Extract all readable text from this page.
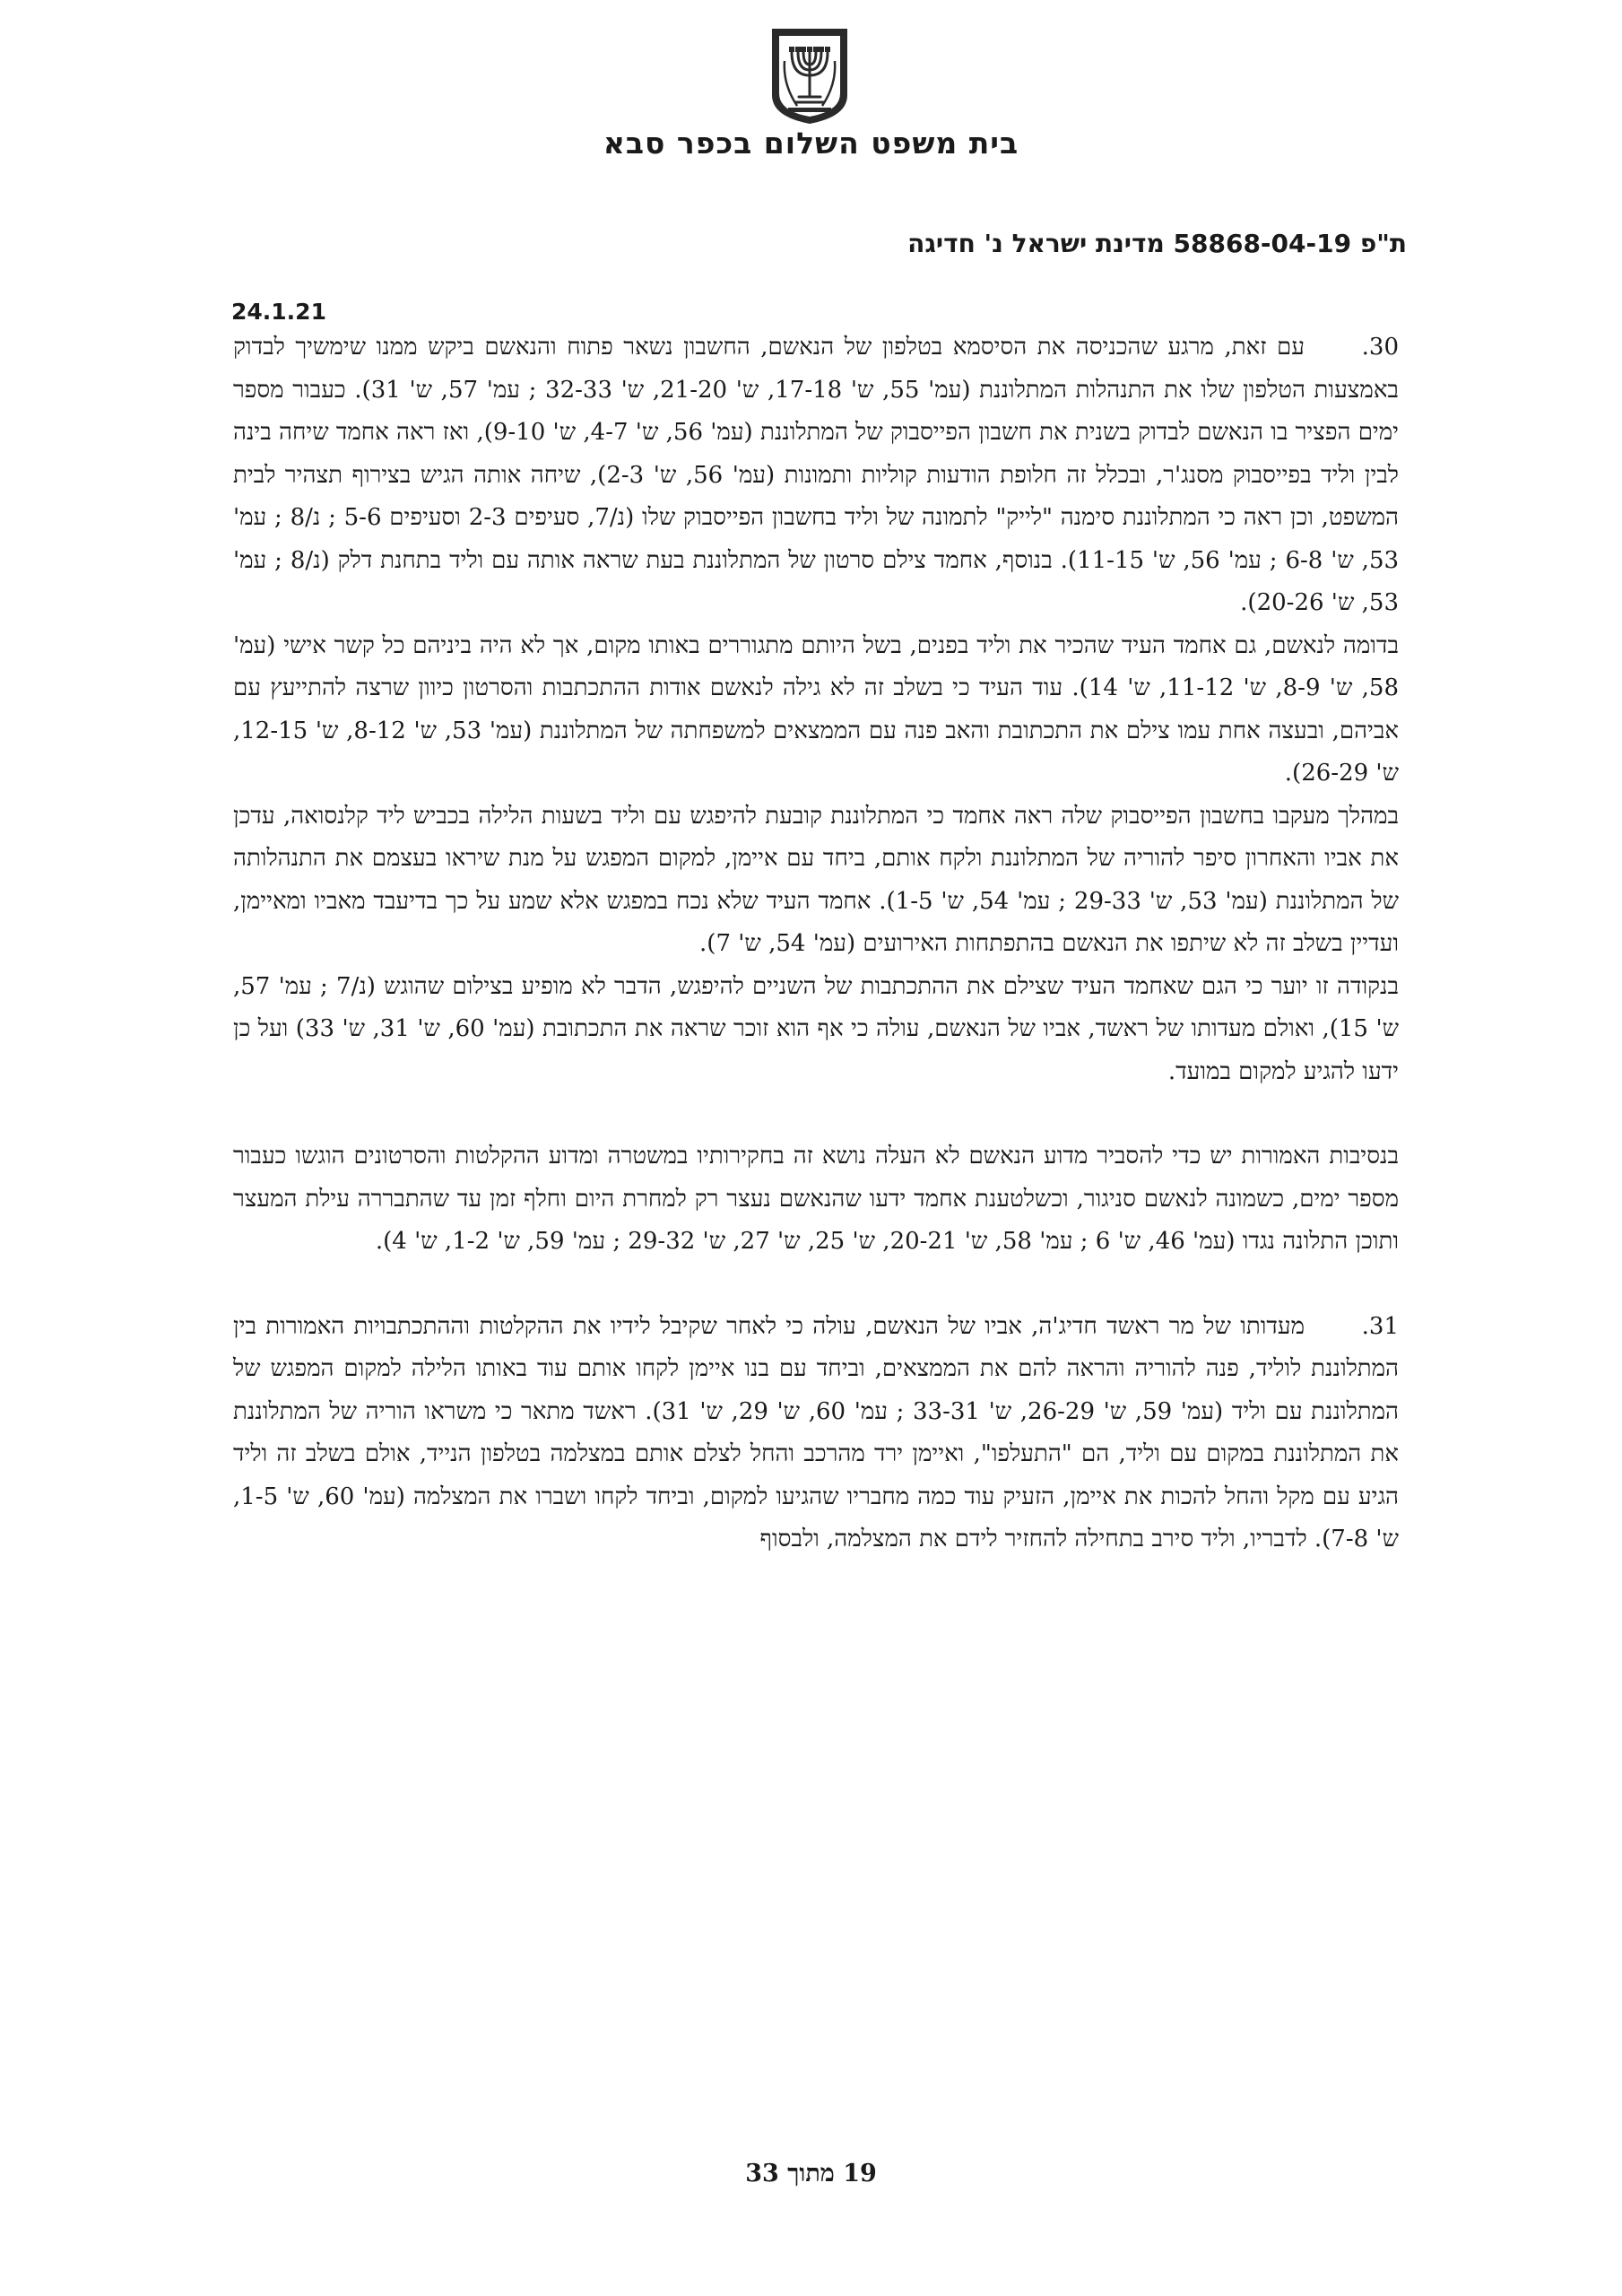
בית משפט השלום בכפר סבא
ת"פ 58868-04-19 מדינת ישראל נ' חדיגה
24.1.21

30.עם זאת, מרגע שהכניסה את הסיסמא בטלפון של הנאשם, החשבון נשאר פתוח והנאשם ביקש ממנו שימשיך לבדוק באמצעות הטלפון שלו את התנהלות המתלוננת (עמ' 55, ש' 17-18, ש' 21-20, ש' 32-33 ; עמ' 57, ש' 31). כעבור מספר ימים הפציר בו הנאשם לבדוק בשנית את חשבון הפייסבוק של המתלוננת (עמ' 56, ש' 4-7, ש' 9-10), ואז ראה אחמד שיחה בינה לבין וליד בפייסבוק מסנג'ר, ובכלל זה חלופת הודעות קוליות ותמונות (עמ' 56, ש' 2-3), שיחה אותה הגיש בצירוף תצהיר לבית המשפט, וכן ראה כי המתלוננת סימנה "לייק" לתמונה של וליד בחשבון הפייסבוק שלו (נ/7, סעיפים 2-3 וסעיפים 5-6 ; נ/8 ; עמ' 53, ש' 6-8 ; עמ' 56, ש' 11-15). בנוסף, אחמד צילם סרטון של המתלוננת בעת שראה אותה עם וליד בתחנת דלק (נ/8 ; עמ' 53, ש' 20-26).

בדומה לנאשם, גם אחמד העיד שהכיר את וליד בפנים, בשל היותם מתגוררים באותו מקום, אך לא היה ביניהם כל קשר אישי (עמ' 58, ש' 8-9, ש' 11-12, ש' 14). עוד העיד כי בשלב זה לא גילה לנאשם אודות ההתכתבות והסרטון כיוון שרצה להתייעץ עם אביהם, ובעצה אחת עמו צילם את התכתובת והאב פנה עם הממצאים למשפחתה של המתלוננת (עמ' 53, ש' 8-12, ש' 12-15, ש' 26-29).

במהלך מעקבו בחשבון הפייסבוק שלה ראה אחמד כי המתלוננת קובעת להיפגש עם וליד בשעות הלילה בכביש ליד קלנסואה, עדכן את אביו והאחרון סיפר להוריה של המתלוננת ולקח אותם, ביחד עם איימן, למקום המפגש על מנת שיראו בעצמם את התנהלותה של המתלוננת (עמ' 53, ש' 29-33 ; עמ' 54, ש' 1-5). אחמד העיד שלא נכח במפגש אלא שמע על כך בדיעבד מאביו ומאיימן, ועדיין בשלב זה לא שיתפו את הנאשם בהתפתחות האירועים (עמ' 54, ש' 7).

בנקודה זו יוער כי הגם שאחמד העיד שצילם את ההתכתבות של השניים להיפגש, הדבר לא מופיע בצילום שהוגש (נ/7 ; עמ' 57, ש' 15), ואולם מעדותו של ראשד, אביו של הנאשם, עולה כי אף הוא זוכר שראה את התכתובת (עמ' 60, ש' 31, ש' 33) ועל כן ידעו להגיע למקום במועד.

בנסיבות האמורות יש כדי להסביר מדוע הנאשם לא העלה נושא זה בחקירותיו במשטרה ומדוע ההקלטות והסרטונים הוגשו כעבור מספר ימים, כשמונה לנאשם סניגור, וכשלטענת אחמד ידעו שהנאשם נעצר רק למחרת היום וחלף זמן עד שהתבררה עילת המעצר ותוכן התלונה נגדו (עמ' 46, ש' 6 ; עמ' 58, ש' 20-21, ש' 25, ש' 27, ש' 29-32 ; עמ' 59, ש' 1-2, ש' 4).

31.מעדותו של מר ראשד חדיג'ה, אביו של הנאשם, עולה כי לאחר שקיבל לידיו את ההקלטות וההתכתבויות האמורות בין המתלוננת לוליד, פנה להוריה והראה להם את הממצאים, וביחד עם בנו איימן לקחו אותם עוד באותו הלילה למקום המפגש של המתלוננת עם וליד (עמ' 59, ש' 26-29, ש' 33-31 ; עמ' 60, ש' 29, ש' 31). ראשד מתאר כי משראו הוריה של המתלוננת את המתלוננת במקום עם וליד, הם "התעלפו", ואיימן ירד מהרכב והחל לצלם אותם במצלמה בטלפון הנייד, אולם בשלב זה וליד הגיע עם מקל והחל להכות את איימן, הזעיק עוד כמה מחבריו שהגיעו למקום, וביחד לקחו ושברו את המצלמה (עמ' 60, ש' 1-5, ש' 7-8). לדבריו, וליד סירב בתחילה להחזיר לידם את המצלמה, ולבסוף

19 מתוך 33
